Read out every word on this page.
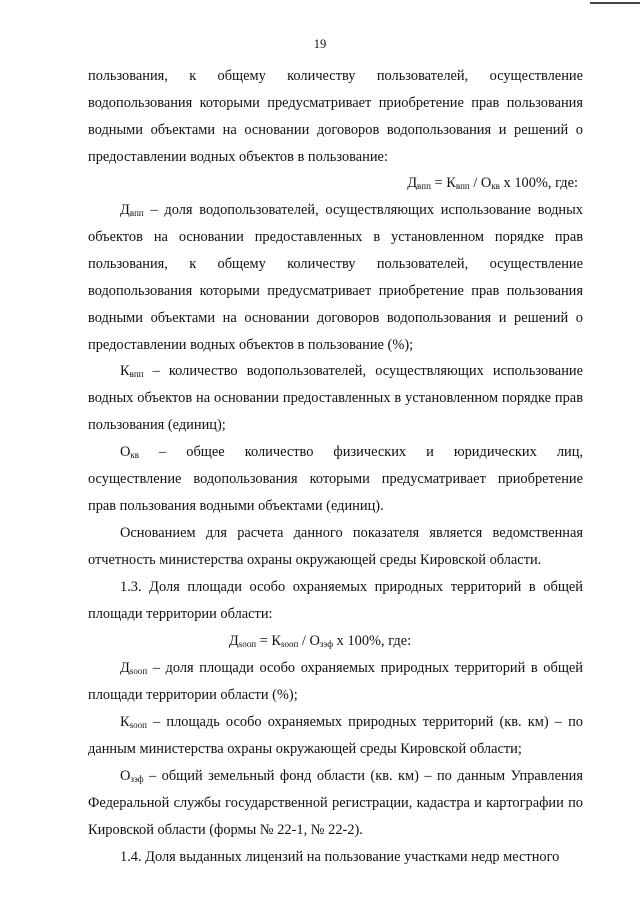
19

пользования, к общему количеству пользователей, осуществление

водопользования которыми предусматривает приобретение прав пользования водными объектами на основании договоров водопользования и решений о предоставлении водных объектов в пользование:

$Д_{впп} = К_{впп} / О_{кв}$ х 100%, где:

$Д_{впп}$ – доля водопользователей, осуществляющих использование водных объектов на основании предоставленных в установленном порядке прав пользования, к общему количеству пользователей, осуществление водопользования которыми предусматривает приобретение прав пользования водными объектами на основании договоров водопользования и решений о предоставлении водных объектов в пользование (%);

$К_{впп}$ – количество водопользователей, осуществляющих использование водных объектов на основании предоставленных в установленном порядке прав пользования (единиц);

$О_{кв}$ – общее количество физических и юридических лиц,

осуществление водопользования которыми предусматривает приобретение

прав пользования водными объектами (единиц).

Основанием для расчета данного показателя является ведомственная отчетность министерства охраны окружающей среды Кировской области.

1.3. Доля площади особо охраняемых природных территорий в общей площади территории области:

$Д_{sооп} = К_{sооп} / О_{зэф}$ х 100%, где:

$Д_{sооп}$ – доля площади особо охраняемых природных территорий в общей площади территории области (%);

$К_{sооп}$ – площадь особо охраняемых природных территорий (кв. км) – по данным министерства охраны окружающей среды Кировской области;

$О_{зэф}$ – общий земельный фонд области (кв. км) – по данным Управления Федеральной службы государственной регистрации, кадастра и картографии по Кировской области (формы № 22-1, № 22-2).

1.4. Доля выданных лицензий на пользование участками недр местного
